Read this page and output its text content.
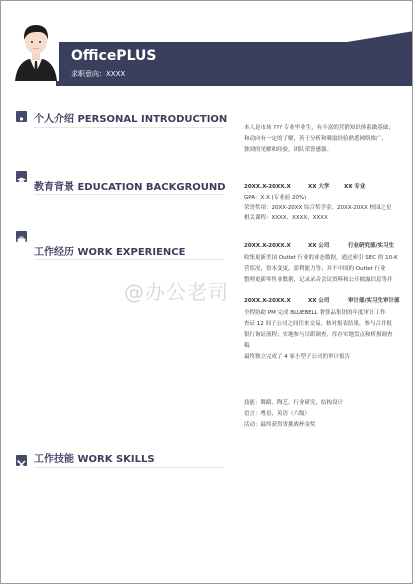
OfficePLUS
求职意向：XXXX
个人介绍 PERSONAL INTRODUCTION
本人是市场 ??? 专业毕业生，有丰富的营销知识体系做基础；
和动向有一定的了解，善于分析和吸取经验熟悉网络推广，
独到的见解和经验，团队荣誉感强。
教育背景 EDUCATION BACKGROUND	20XX.X-20XX.X	XX 大学	XX 专业
GPA：X.X (专业前 20%)
荣誉奖项：20XX-20XX 综合奖学金、20XX-20XX 校园之星
相关课程：XXXX、XXXX、XXXX
工作经历 WORK EXPERIENCE
20XX.X-20XX.X	XX 公司	行业研究部/实习生
收集更新美国 Outlet 行业的业态数据，通过索引 SEC 的 10-K
营状况，资本变更，盈利能力等；并不中国的 Outlet 行业
整理更新零售业数据，记录录音会议资料和公开披露信息等并
20XX.X-20XX.X	XX 公司	审计部/实习生审计部
全程协助 PM 完成 BLUEBELL 奢侈品集团的年度审计工作
查证 12 间子公司之间往来交易，核对报表结果，参与合并报
银行询证流程；实地参与尽职调查，库存实地盘点和析损调查
稿
最终独立完成了 4 家小型子公司的审计报告
技能：舞蹈、陶艺、行业研究、结构设计
语言：粤语、英语（六级）
活动：最终获得省挑战杯金奖
工作技能 WORK SKILLS
@办公老司
